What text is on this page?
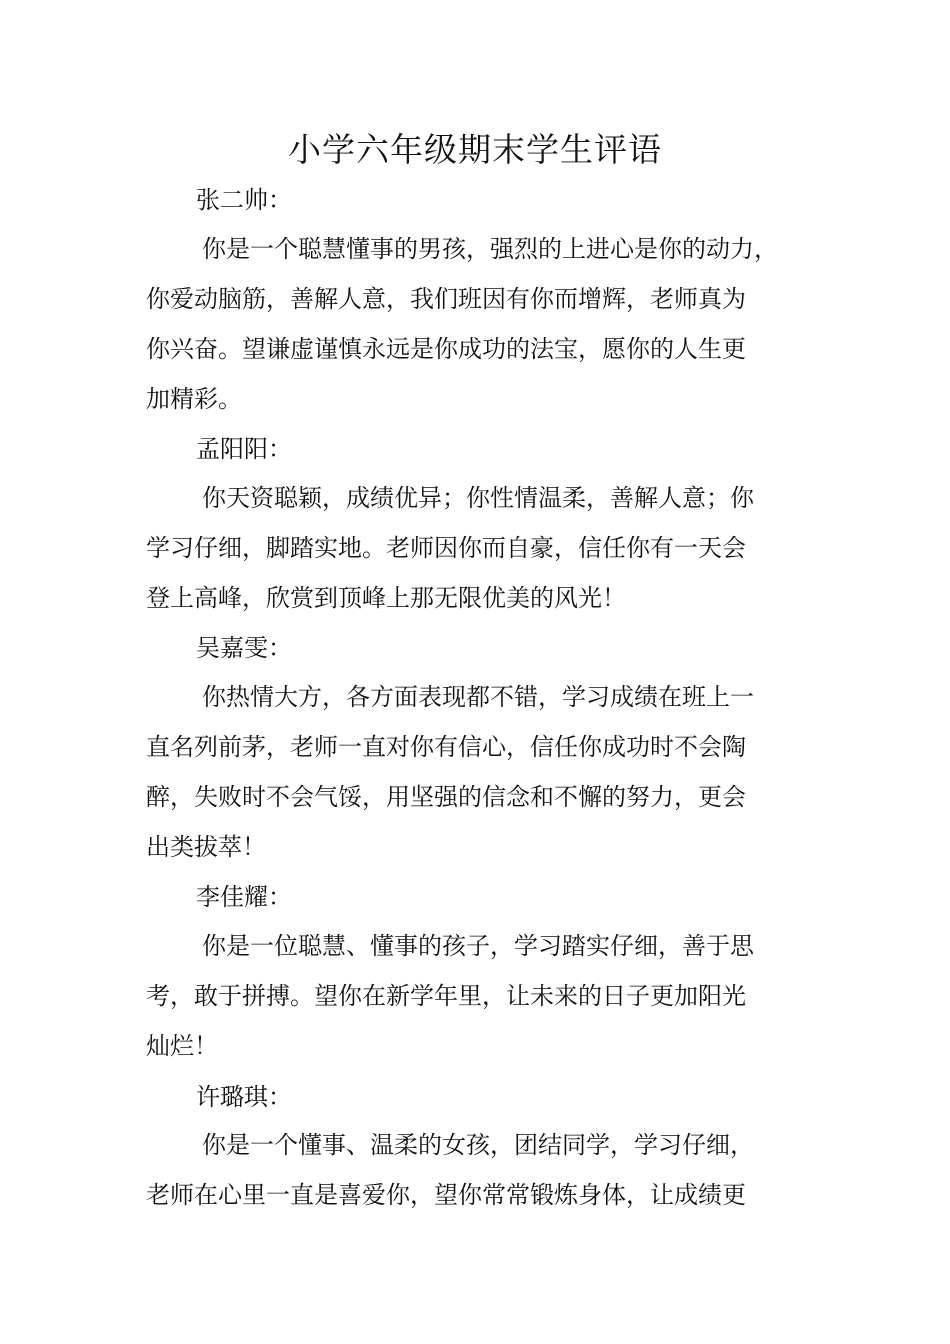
小学六年级期末学生评语

张二帅：

你是一个聪慧懂事的男孩，强烈的上进心是你的动力，
你爱动脑筋，善解人意，我们班因有你而增辉，老师真为
你兴奋。望谦虚谨慎永远是你成功的法宝，愿你的人生更
加精彩。

孟阳阳：

你天资聪颖，成绩优异；你性情温柔，善解人意；你
学习仔细，脚踏实地。老师因你而自豪，信任你有一天会
登上高峰，欣赏到顶峰上那无限优美的风光！

吴嘉雯：

你热情大方，各方面表现都不错，学习成绩在班上一
直名列前茅，老师一直对你有信心，信任你成功时不会陶
醉，失败时不会气馁，用坚强的信念和不懈的努力，更会
出类拔萃！

李佳耀：

你是一位聪慧、懂事的孩子，学习踏实仔细，善于思
考，敢于拼搏。望你在新学年里，让未来的日子更加阳光
灿烂！

许璐琪：

你是一个懂事、温柔的女孩，团结同学，学习仔细，
老师在心里一直是喜爱你，望你常常锻炼身体，让成绩更
